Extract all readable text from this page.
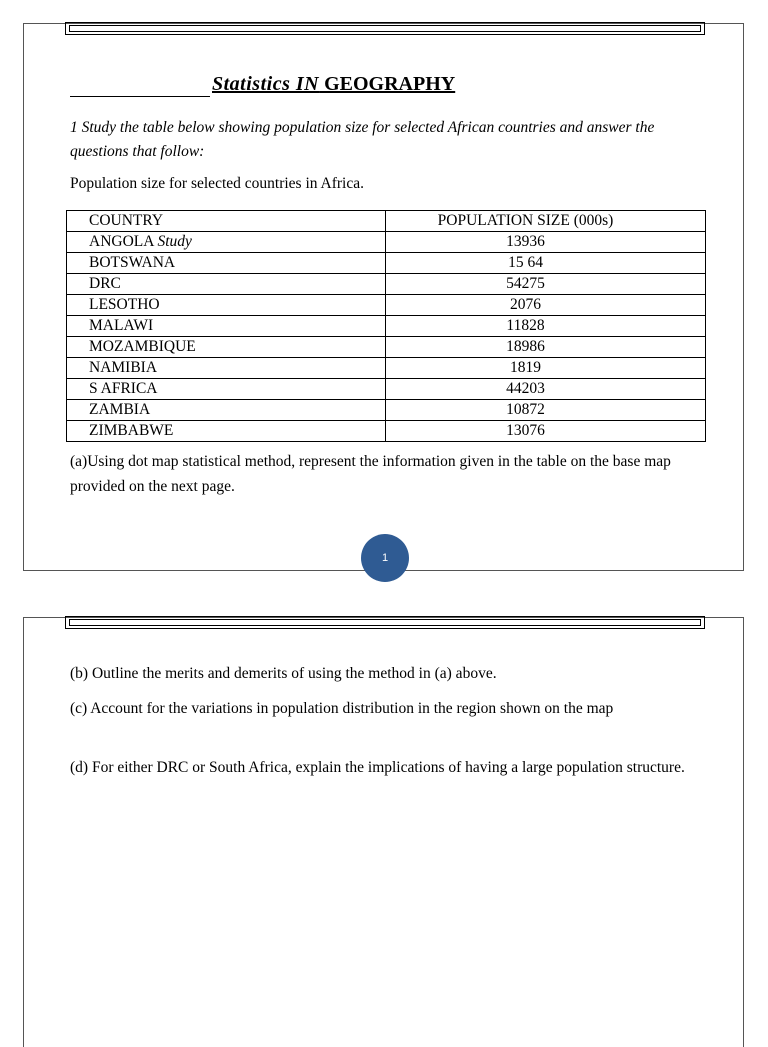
Statistics IN GEOGRAPHY
1 Study the table below showing population size for selected African countries and answer the questions that follow:
Population size for selected countries in Africa.
COUNTRY	POPULATION SIZE (000s)
ANGOLA Study	13936
BOTSWANA	15 64
DRC	54275
LESOTHO	2076
MALAWI	11828
MOZAMBIQUE	18986
NAMIBIA	1819
S AFRICA	44203
ZAMBIA	10872
ZIMBABWE	13076
(a)Using dot map statistical method, represent the information given in the table on the base map provided on the next page.
1
(b) Outline the merits and demerits of using the method in (a) above.
(c) Account for the variations in population distribution in the region shown on the map
(d) For either DRC or South Africa, explain the implications of having a large population structure.
